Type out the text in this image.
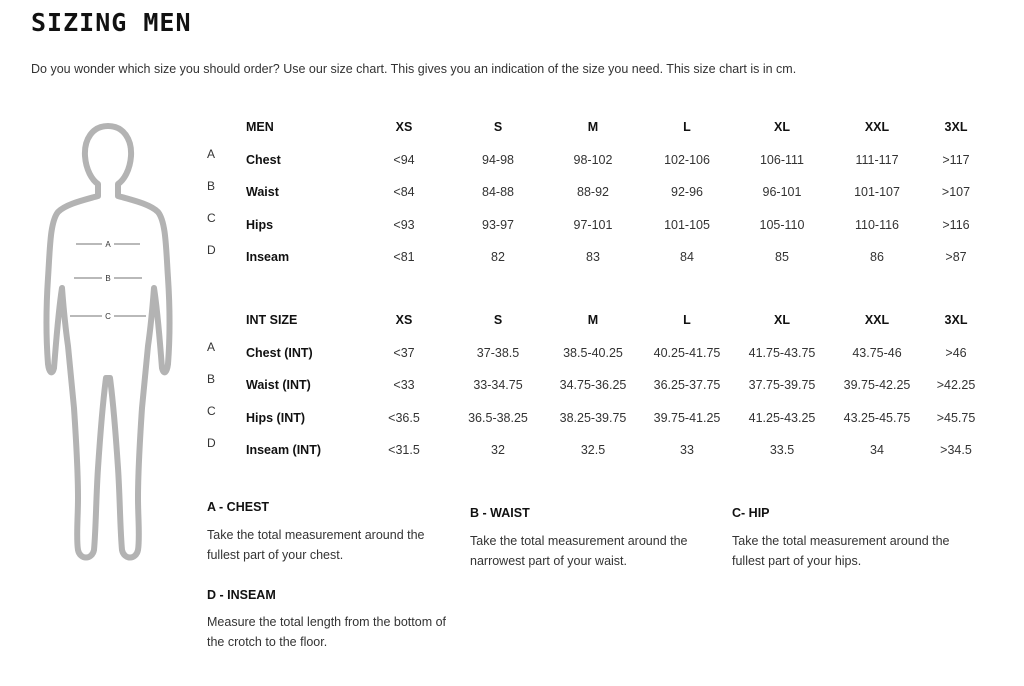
SIZING MEN

Do you wonder which size you should order? Use our size chart. This gives you an indication of the size you need. This size chart is in cm.

A
B
C
MEN	XS	S	M	L	XL	XXL	3XL
A	Chest	<94	94-98	98-102	102-106	106-111	111-117	>117
B	Waist	<84	84-88	88-92	92-96	96-101	101-107	>107
C	Hips	<93	93-97	97-101	101-105	105-110	110-116	>116
D	Inseam	<81	82	83	84	85	86	>87
INT SIZE	XS	S	M	L	XL	XXL	3XL
A	Chest (INT)	<37	37-38.5	38.5-40.25	40.25-41.75	41.75-43.75	43.75-46	>46
B	Waist (INT)	<33	33-34.75	34.75-36.25	36.25-37.75	37.75-39.75	39.75-42.25	>42.25
C	Hips (INT)	<36.5	36.5-38.25	38.25-39.75	39.75-41.25	41.25-43.25	43.25-45.75	>45.75
D	Inseam (INT)	<31.5	32	32.5	33	33.5	34	>34.5
A - CHEST

Take the total measurement around the fullest part of your chest.

B - WAIST

Take the total measurement around the narrowest part of your waist.

C- HIP

Take the total measurement around the fullest part of your hips.

D - INSEAM

Measure the total length from the bottom of the crotch to the floor.
